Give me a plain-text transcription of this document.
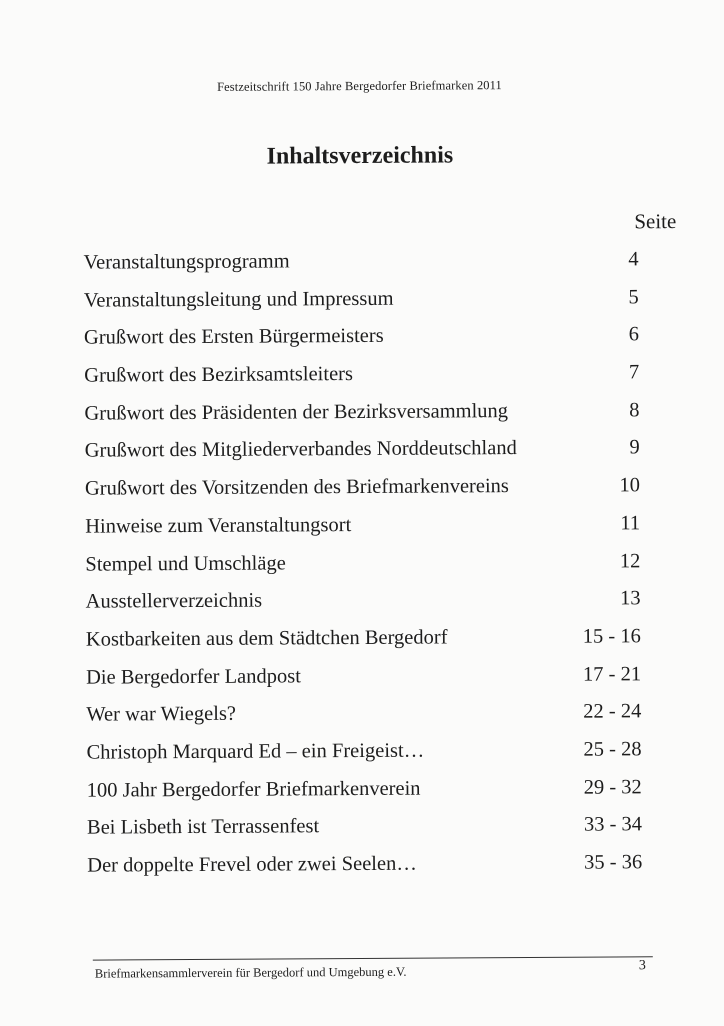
Festzeitschrift 150 Jahre Bergedorfer Briefmarken 2011
Inhaltsverzeichnis
Seite
Veranstaltungsprogramm	4
Veranstaltungsleitung und Impressum	5
Grußwort des Ersten Bürgermeisters	6
Grußwort des Bezirksamtsleiters	7
Grußwort des Präsidenten der Bezirksversammlung	8
Grußwort des Mitgliederverbandes Norddeutschland	9
Grußwort des Vorsitzenden des Briefmarkenvereins	10
Hinweise zum Veranstaltungsort	11
Stempel und Umschläge	12
Ausstellerverzeichnis	13
Kostbarkeiten aus dem Städtchen Bergedorf	15 - 16
Die Bergedorfer Landpost	17 - 21
Wer war Wiegels?	22 - 24
Christoph Marquard Ed – ein Freigeist…	25 - 28
100 Jahr Bergedorfer Briefmarkenverein	29 - 32
Bei Lisbeth ist Terrassenfest	33 - 34
Der doppelte Frevel oder zwei Seelen…	35 - 36
Briefmarkensammlerverein für Bergedorf und Umgebung e.V.	3
